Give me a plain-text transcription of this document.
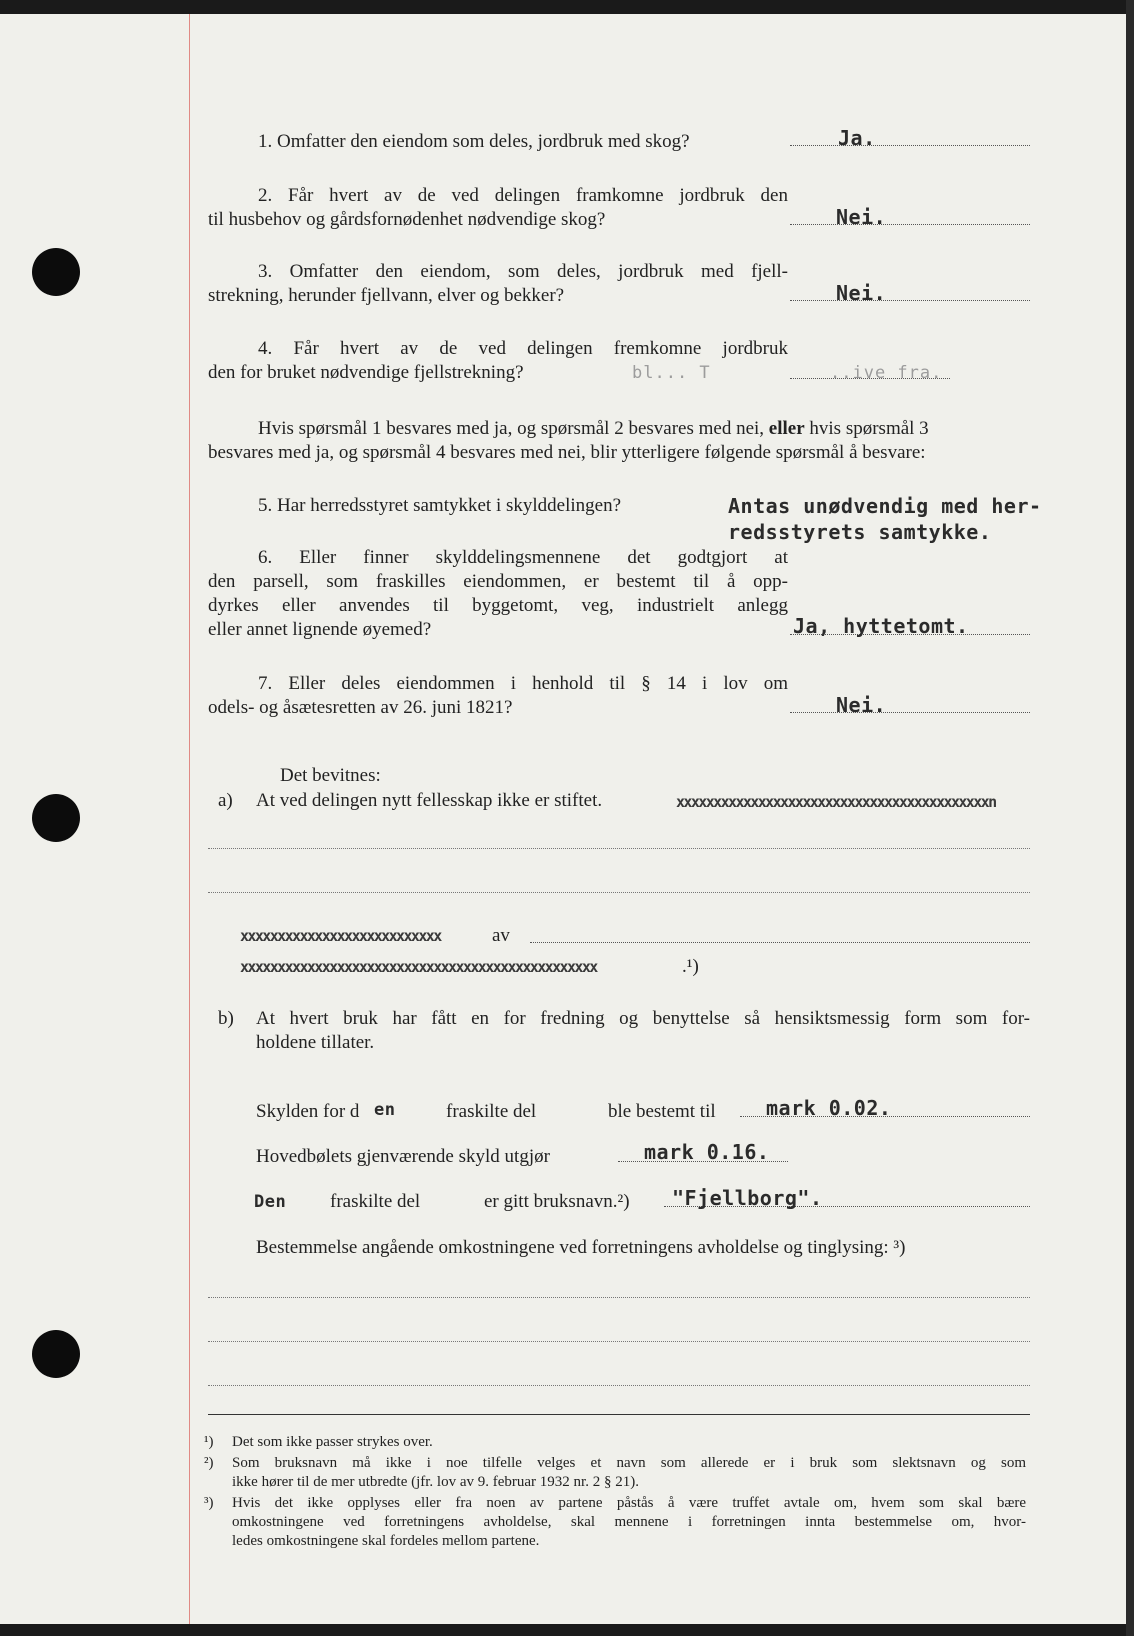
1. Omfatter den eiendom som deles, jordbruk med skog?	Ja.
2. Får hvert av de ved delingen framkomne jordbruk den
til husbehov og gårdsfornødenhet nødvendige skog?	Nei.
3. Omfatter den eiendom, som deles, jordbruk med fjell-
strekning, herunder fjellvann, elver og bekker?	Nei.
4. Får hvert av de ved delingen fremkomne jordbruk
den for bruket nødvendige fjellstrekning?	bl... T	..ive fra.
Hvis spørsmål 1 besvares med ja, og spørsmål 2 besvares med nei, eller hvis spørsmål 3
besvares med ja, og spørsmål 4 besvares med nei, blir ytterligere følgende spørsmål å besvare:
5. Har herredsstyret samtykket i skylddelingen?	Antas unødvendig med her-
redsstyrets samtykke.
6. Eller finner skylddelingsmennene det godtgjort at
den parsell, som fraskilles eiendommen, er bestemt til å opp-
dyrkes eller anvendes til byggetomt, veg, industrielt anlegg
eller annet lignende øyemed?	Ja, hyttetomt.
7. Eller deles eiendommen i henhold til § 14 i lov om
odels- og åsætesretten av 26. juni 1821?	Nei.
Det bevitnes:
a) At ved delingen nytt fellesskap ikke er stiftet.	xxxxxxxxxxxxxxxxxxxxxxxxxxxxxxxxxxxxxxxxxxn
xxxxxxxxxxxxxxxxxxxxxxxxxxx	av
xxxxxxxxxxxxxxxxxxxxxxxxxxxxxxxxxxxxxxxxxxxxxxxx	.¹)
b) At hvert bruk har fått en for fredning og benyttelse så hensiktsmessig form som for-
holdene tillater.
Skylden for d en	fraskilte del	ble bestemt til	mark 0.02.
Hovedbølets gjenværende skyld utgjør	mark 0.16.
Den fraskilte del	er gitt bruksnavn.²) "Fjellborg".
Bestemmelse angående omkostningene ved forretningens avholdelse og tinglysing: ³)
¹) Det som ikke passer strykes over.
²) Som bruksnavn må ikke i noe tilfelle velges et navn som allerede er i bruk som slektsnavn og som
ikke hører til de mer utbredte (jfr. lov av 9. februar 1932 nr. 2 § 21).
³) Hvis det ikke opplyses eller fra noen av partene påstås å være truffet avtale om, hvem som skal bære
omkostningene ved forretningens avholdelse, skal mennene i forretningen innta bestemmelse om, hvor-
ledes omkostningene skal fordeles mellom partene.
